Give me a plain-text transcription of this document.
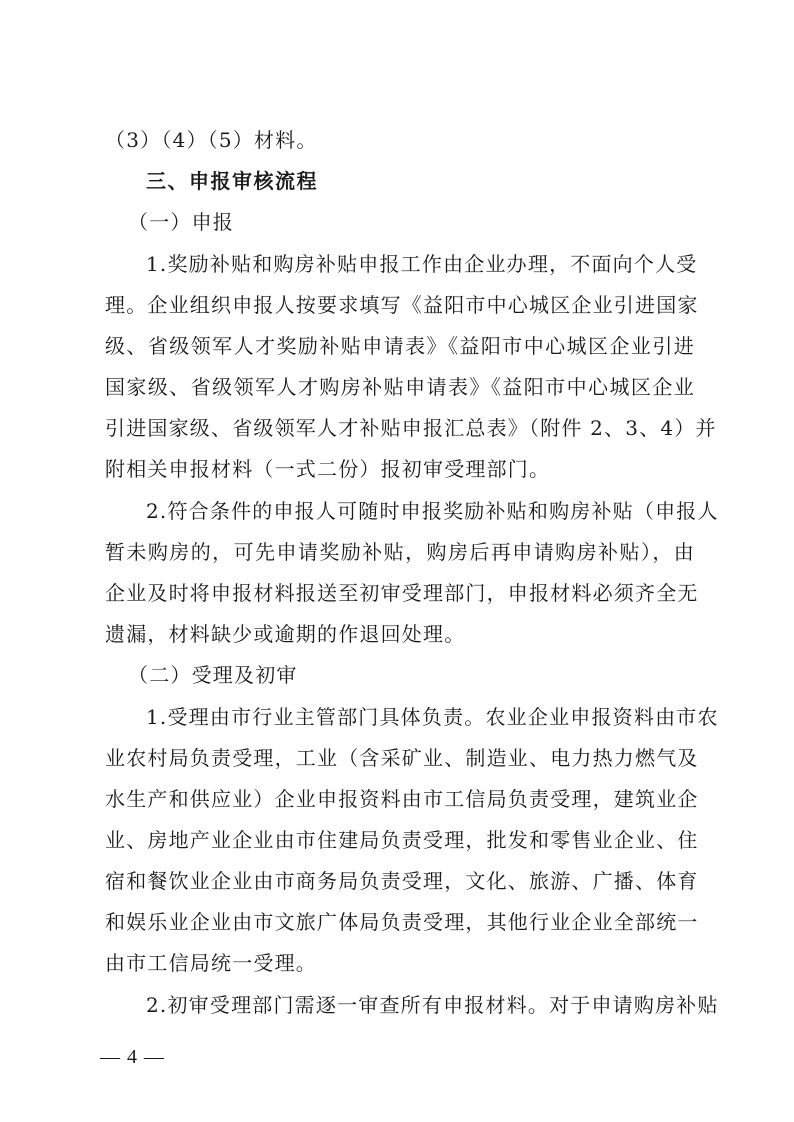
（3）（4）（5）材料。
三、申报审核流程
（一）申报
1.奖励补贴和购房补贴申报工作由企业办理，不面向个人受
理。企业组织申报人按要求填写《益阳市中心城区企业引进国家
级、省级领军人才奖励补贴申请表》《益阳市中心城区企业引进
国家级、省级领军人才购房补贴申请表》《益阳市中心城区企业
引进国家级、省级领军人才补贴申报汇总表》（附件 2、3、4）并
附相关申报材料（一式二份）报初审受理部门。
2.符合条件的申报人可随时申报奖励补贴和购房补贴（申报人
暂未购房的，可先申请奖励补贴，购房后再申请购房补贴），由
企业及时将申报材料报送至初审受理部门，申报材料必须齐全无
遗漏，材料缺少或逾期的作退回处理。
（二）受理及初审
1.受理由市行业主管部门具体负责。农业企业申报资料由市农
业农村局负责受理，工业（含采矿业、制造业、电力热力燃气及
水生产和供应业）企业申报资料由市工信局负责受理，建筑业企
业、房地产业企业由市住建局负责受理，批发和零售业企业、住
宿和餐饮业企业由市商务局负责受理，文化、旅游、广播、体育
和娱乐业企业由市文旅广体局负责受理，其他行业企业全部统一
由市工信局统一受理。
2.初审受理部门需逐一审查所有申报材料。对于申请购房补贴
— 4 —
